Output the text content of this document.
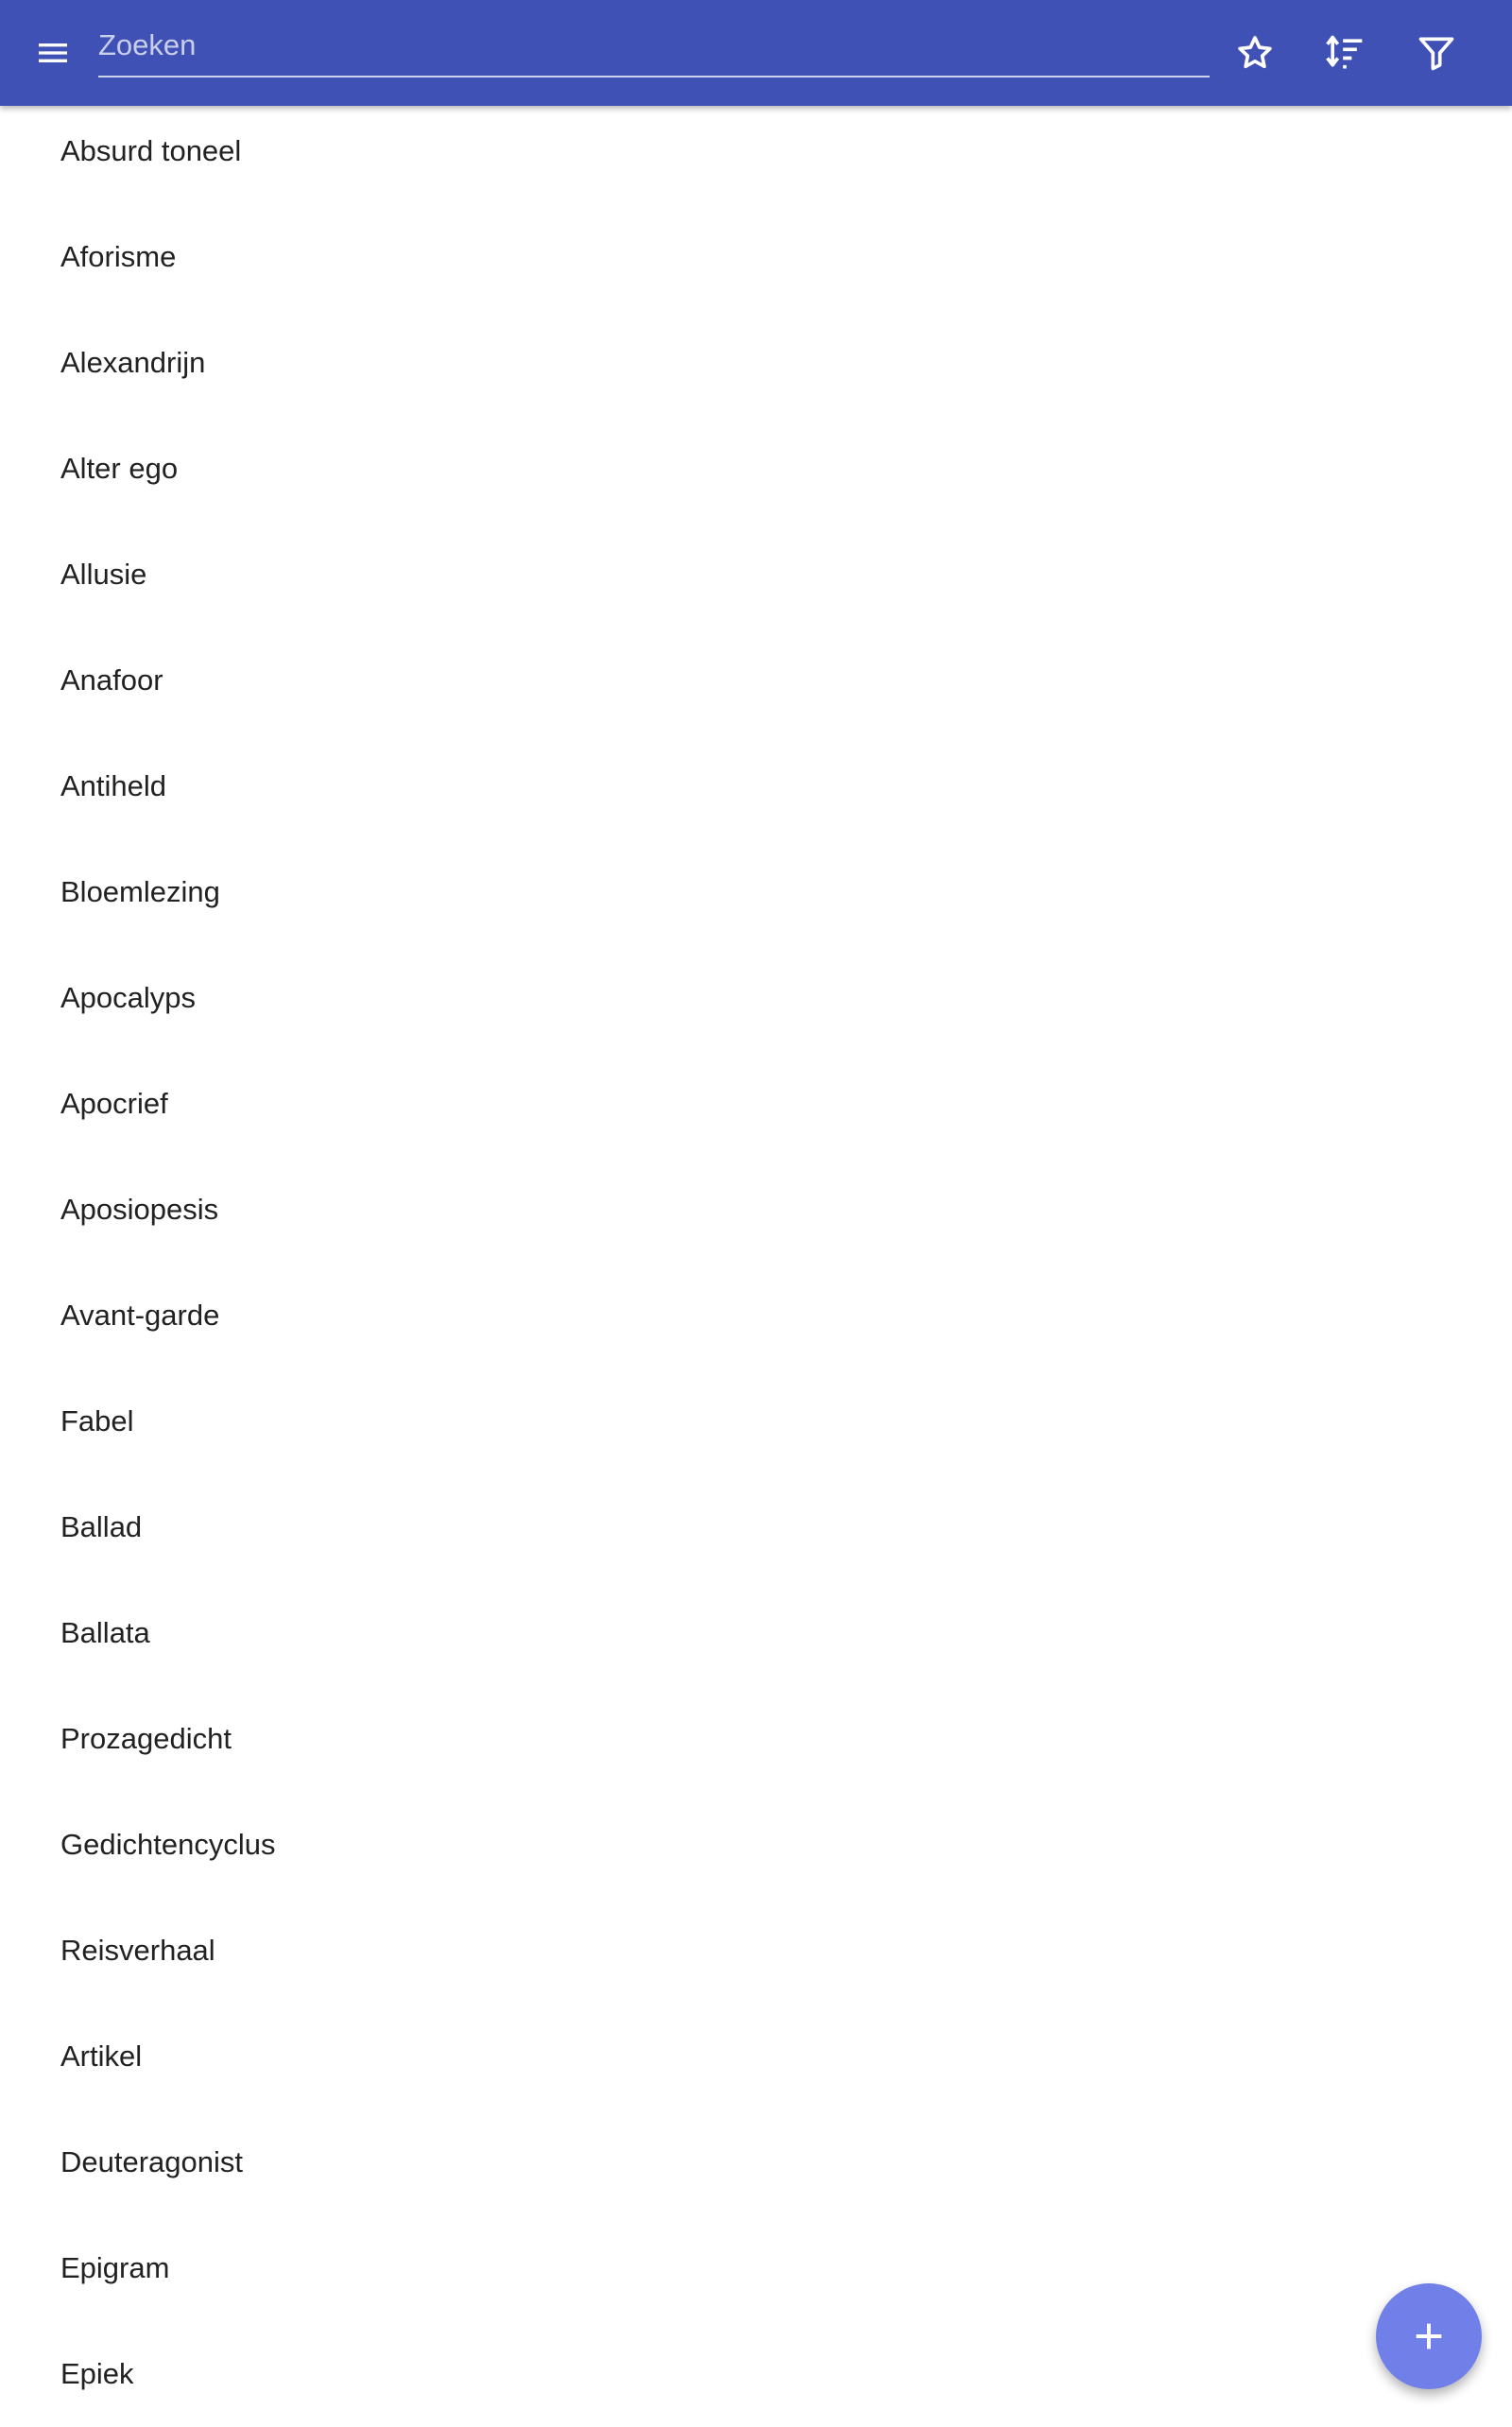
Zoeken
Absurd toneel
Aforisme
Alexandrijn
Alter ego
Allusie
Anafoor
Antiheld
Bloemlezing
Apocalyps
Apocrief
Aposiopesis
Avant-garde
Fabel
Ballad
Ballata
Prozagedicht
Gedichtencyclus
Reisverhaal
Artikel
Deuteragonist
Epigram
Epiek
